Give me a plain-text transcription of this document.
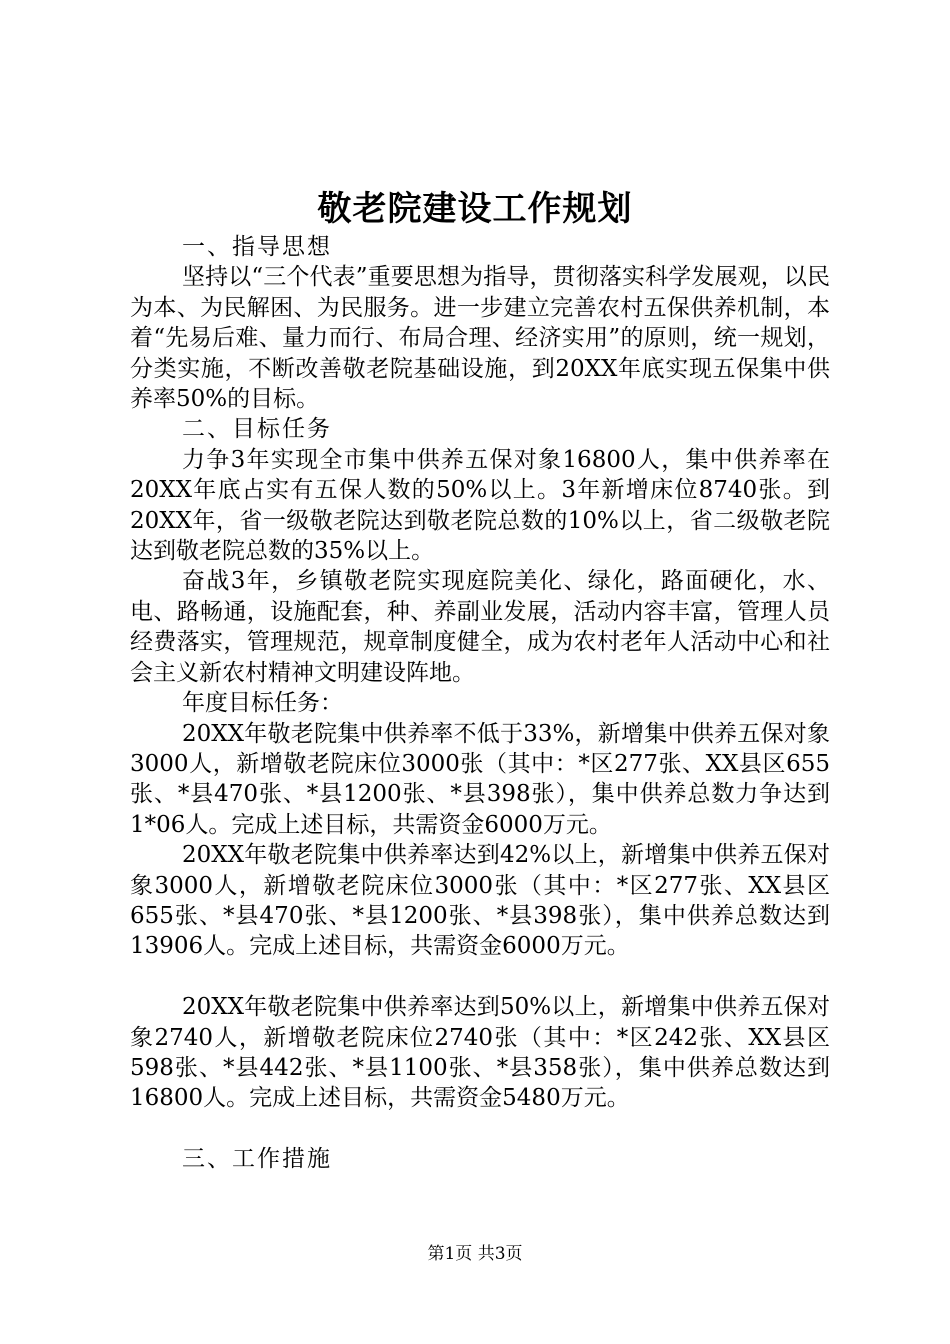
敬老院建设工作规划

一、指导思想

坚持以“三个代表”重要思想为指导，贯彻落实科学发展观，以民为本、为民解困、为民服务。进一步建立完善农村五保供养机制，本着“先易后难、量力而行、布局合理、经济实用”的原则，统一规划，分类实施，不断改善敬老院基础设施，到20XX年底实现五保集中供养率50%的目标。

二、目标任务

力争3年实现全市集中供养五保对象16800人，集中供养率在20XX年底占实有五保人数的50%以上。3年新增床位8740张。到20XX年，省一级敬老院达到敬老院总数的10%以上，省二级敬老院达到敬老院总数的35%以上。

奋战3年，乡镇敬老院实现庭院美化、绿化，路面硬化，水、电、路畅通，设施配套，种、养副业发展，活动内容丰富，管理人员经费落实，管理规范，规章制度健全，成为农村老年人活动中心和社会主义新农村精神文明建设阵地。

年度目标任务：

20XX年敬老院集中供养率不低于33%，新增集中供养五保对象3000人，新增敬老院床位3000张（其中：*区277张、XX县区655张、*县470张、*县1200张、*县398张），集中供养总数力争达到1*06人。完成上述目标，共需资金6000万元。

20XX年敬老院集中供养率达到42%以上，新增集中供养五保对象3000人，新增敬老院床位3000张（其中：*区277张、XX县区655张、*县470张、*县1200张、*县398张），集中供养总数达到13906人。完成上述目标，共需资金6000万元。

20XX年敬老院集中供养率达到50%以上，新增集中供养五保对象2740人，新增敬老院床位2740张（其中：*区242张、XX县区598张、*县442张、*县1100张、*县358张），集中供养总数达到16800人。完成上述目标，共需资金5480万元。

三、工作措施

第1页 共3页
